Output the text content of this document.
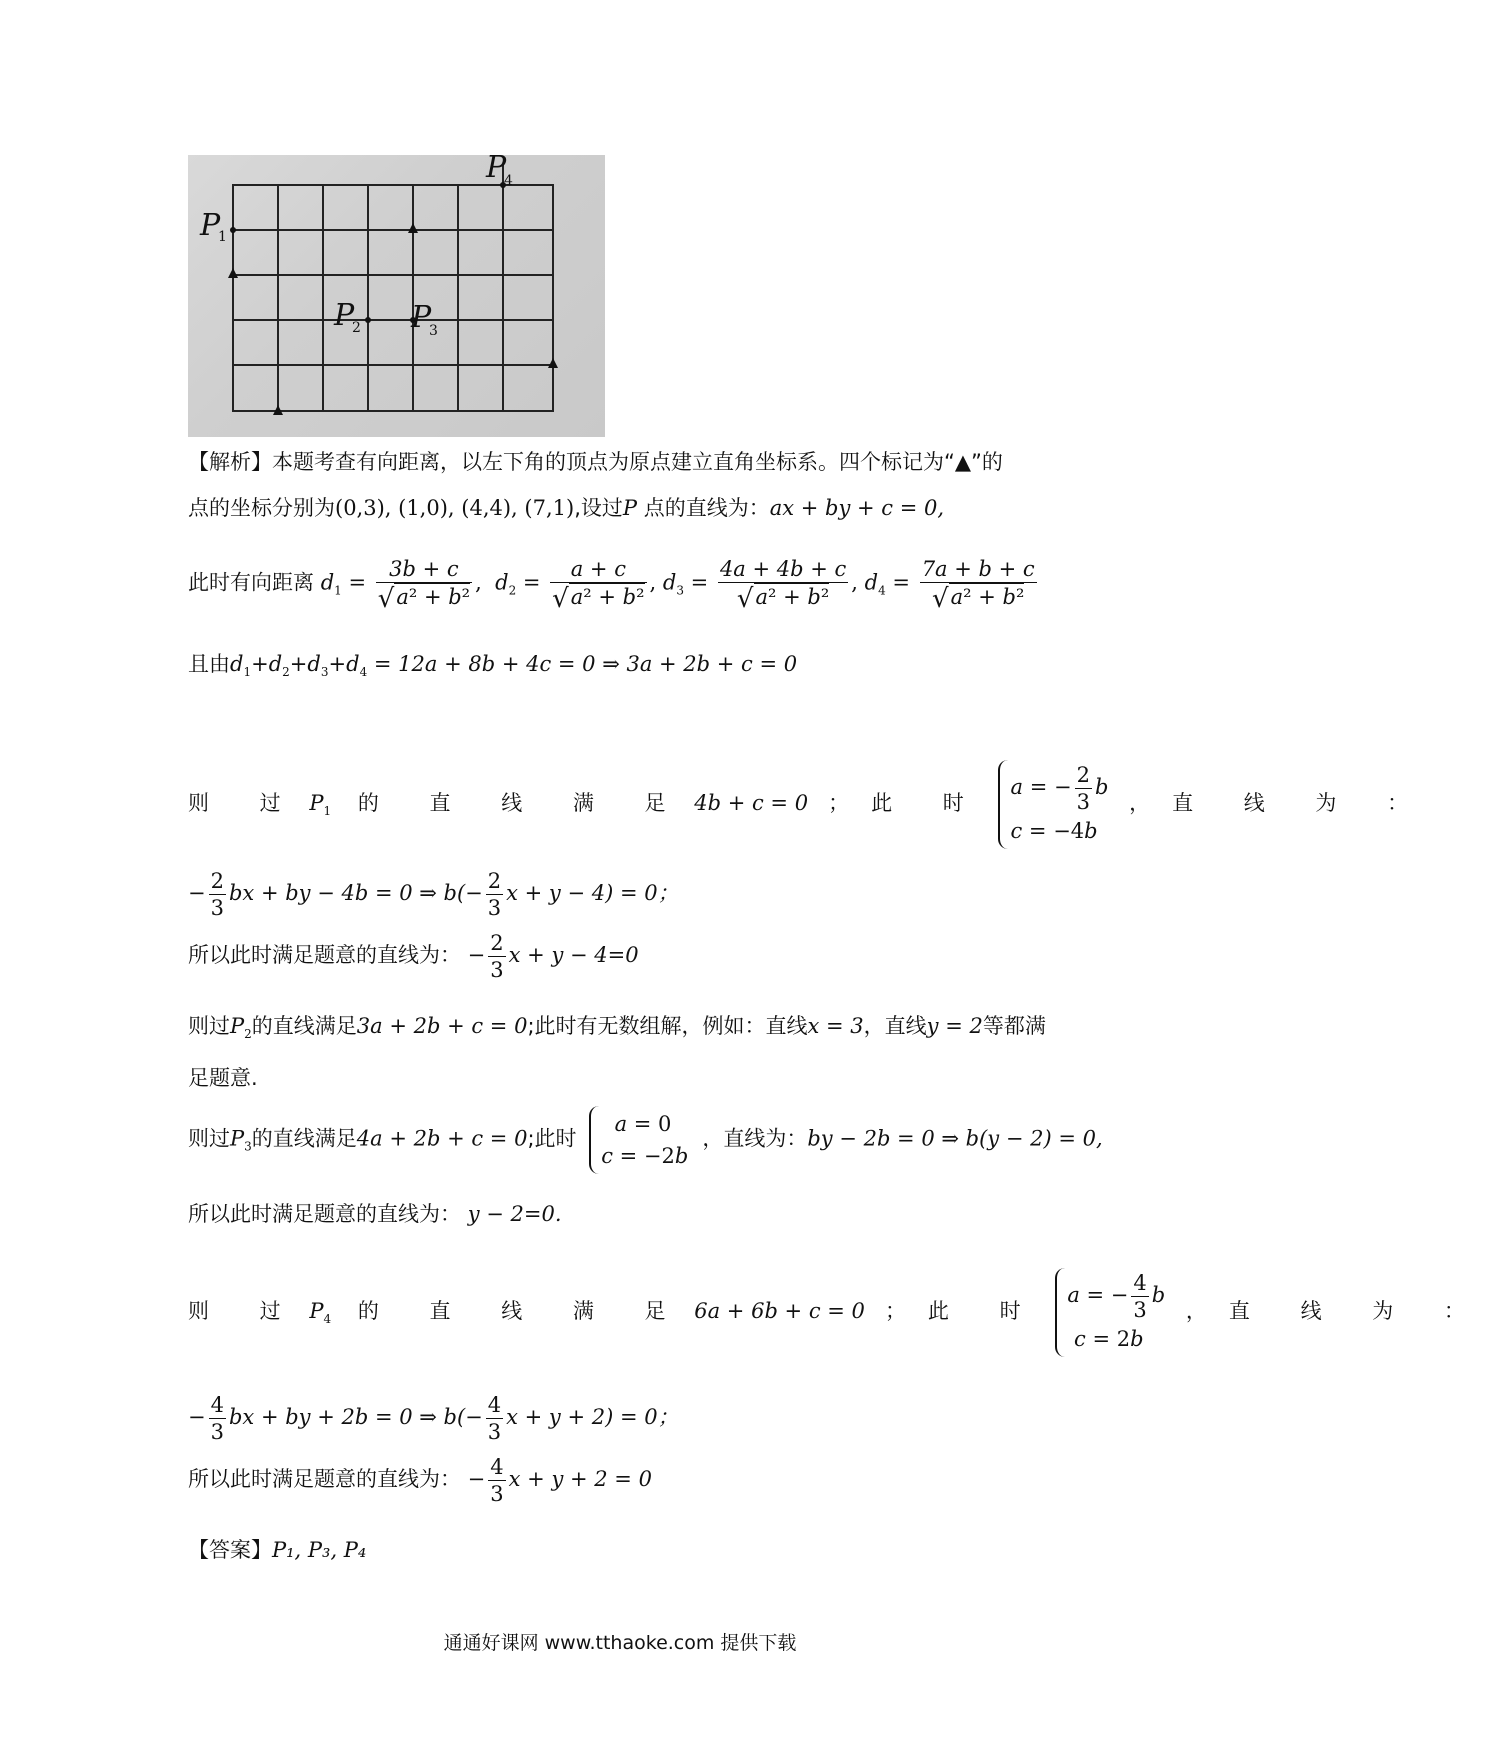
P
1
P
2 P
3
P
4
【解析】本题考查有向距离，以左下角的顶点为原点建立直角坐标系。四个标记为“▲”的
点的坐标分别为(0,3), (1,0), (4,4), (7,1),设过P 点的直线为：ax + by + c = 0,
此时有向距离 $d_1 = \frac{3b + c}{\text{√a² + b²}}$ ,  $d_2 = \frac{a + c}{\text{√a² + b²}}$ , $d_3 = \frac{4a + 4b + c}{\text{√a² + b²}}$ , $d_4 = \frac{7a + b + c}{\text{√a² + b²}}$
且由$d_1+d_2+d_3+d_4 = 12a + 8b + 4c = 0$ ⇒ 3a + 2b + c = 0
则 过 $P_1$ 的 直 线 满 足 4b + c = 0 ；此 时
a = − $\frac{2}{3}$ b
c = −4b
，直 线 为 ：
− $\frac{2}{3}$ bx + by − 4b = 0 ⇒ $b(- \frac{2}{3}$ x + y − 4) = 0；
所以此时满足题意的直线为： − $\frac{2}{3}$ x + y − 4=0
则过$P_2$的直线满足3a + 2b + c = 0;此时有无数组解，例如：直线x = 3，直线y = 2等都满
足题意.
则过$P_3$的直线满足4a + 2b + c = 0;此时
a = 0
c = −2b
，直线为：by − 2b = 0 ⇒ b(y − 2) = 0,
所以此时满足题意的直线为： y − 2=0.
则 过 $P_4$ 的 直 线 满 足 6a + 6b + c = 0 ；此 时
a = − $\frac{4}{3}$ b
c = 2b
，直 线 为 ：
− $\frac{4}{3}$ bx + by + 2b = 0 ⇒ $b(- \frac{4}{3}$ x + y + 2) = 0；
所以此时满足题意的直线为： − $\frac{4}{3}$ x + y + 2 = 0
【答案】P₁, P₃, P₄
通通好课网 www.tthaoke.com 提供下载
